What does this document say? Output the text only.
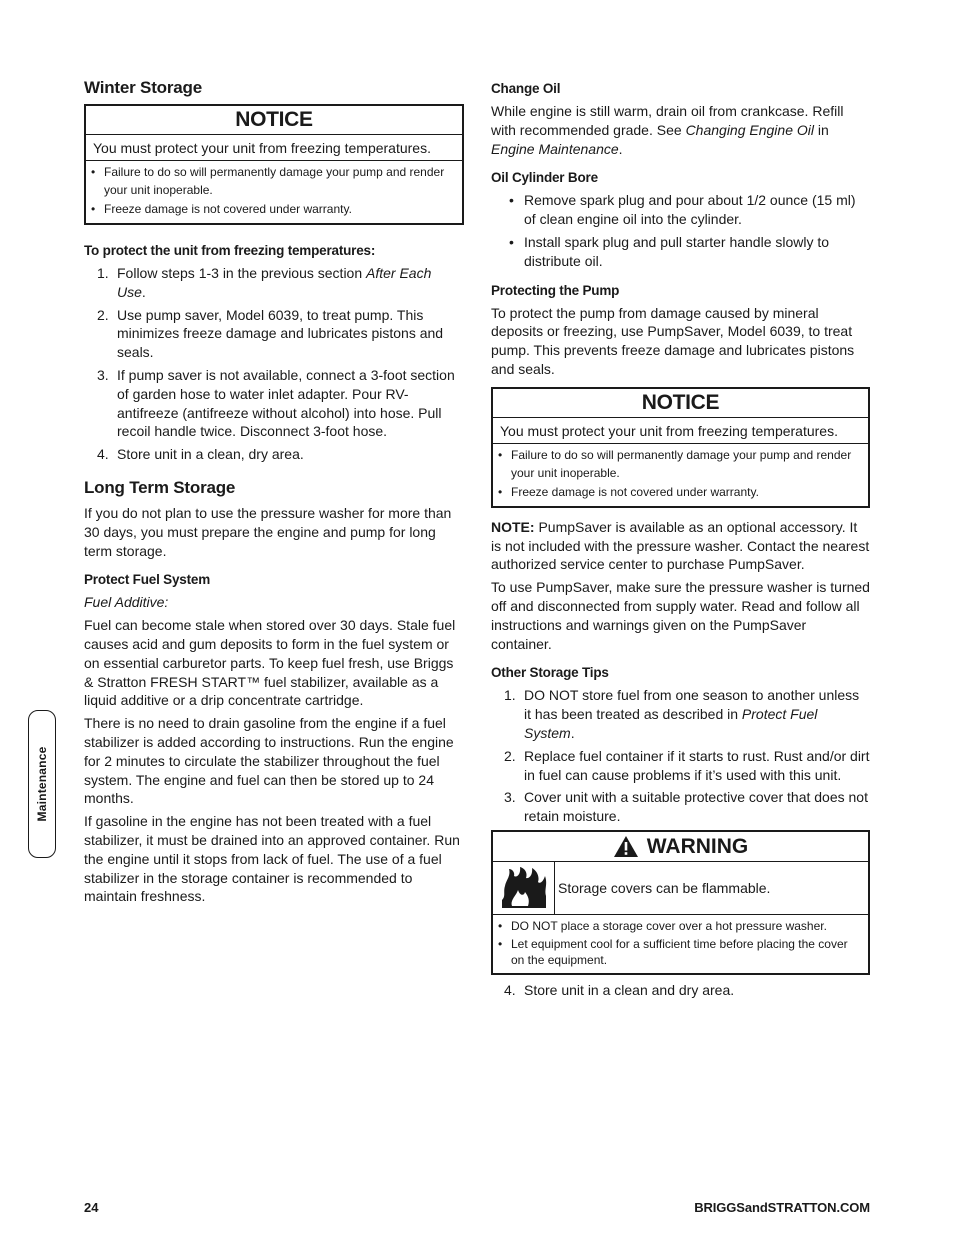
Winter Storage
NOTICE
You must protect your unit from freezing temperatures.
• Failure to do so will permanently damage your pump and render your unit inoperable.
• Freeze damage is not covered under warranty.
To protect the unit from freezing temperatures:
1. Follow steps 1-3 in the previous section After Each Use.
2. Use pump saver, Model 6039, to treat pump. This minimizes freeze damage and lubricates pistons and seals.
3. If pump saver is not available, connect a 3-foot section of garden hose to water inlet adapter. Pour RV-antifreeze (antifreeze without alcohol) into hose. Pull recoil handle twice. Disconnect 3-foot hose.
4. Store unit in a clean, dry area.
Long Term Storage

If you do not plan to use the pressure washer for more than 30 days, you must prepare the engine and pump for long term storage.

Protect Fuel System

Fuel Additive:

Fuel can become stale when stored over 30 days. Stale fuel causes acid and gum deposits to form in the fuel system or on essential carburetor parts. To keep fuel fresh, use Briggs & Stratton FRESH START™ fuel stabilizer, available as a liquid additive or a drip concentrate cartridge.

There is no need to drain gasoline from the engine if a fuel stabilizer is added according to instructions. Run the engine for 2 minutes to circulate the stabilizer throughout the fuel system. The engine and fuel can then be stored up to 24 months.

If gasoline in the engine has not been treated with a fuel stabilizer, it must be drained into an approved container. Run the engine until it stops from lack of fuel. The use of a fuel stabilizer in the storage container is recommended to maintain freshness.

Change Oil

While engine is still warm, drain oil from crankcase. Refill with recommended grade. See Changing Engine Oil in Engine Maintenance.

Oil Cylinder Bore
• Remove spark plug and pour about 1/2 ounce (15 ml) of clean engine oil into the cylinder.
• Install spark plug and pull starter handle slowly to distribute oil.
Protecting the Pump

To protect the pump from damage caused by mineral deposits or freezing, use PumpSaver, Model 6039, to treat pump. This prevents freeze damage and lubricates pistons and seals.

NOTICE
You must protect your unit from freezing temperatures.
• Failure to do so will permanently damage your pump and render your unit inoperable.
• Freeze damage is not covered under warranty.

NOTE: PumpSaver is available as an optional accessory. It is not included with the pressure washer. Contact the nearest authorized service center to purchase PumpSaver.

To use PumpSaver, make sure the pressure washer is turned off and disconnected from supply water. Read and follow all instructions and warnings given on the PumpSaver container.

Other Storage Tips
1. DO NOT store fuel from one season to another unless it has been treated as described in Protect Fuel System.
2. Replace fuel container if it starts to rust. Rust and/or dirt in fuel can cause problems if it’s used with this unit.
3. Cover unit with a suitable protective cover that does not retain moisture.
WARNING
Storage covers can be flammable.
• DO NOT place a storage cover over a hot pressure washer.
• Let equipment cool for a sufficient time before placing the cover on the equipment.
4. Store unit in a clean and dry area.
Maintenance
24	BRIGGSandSTRATTON.COM
